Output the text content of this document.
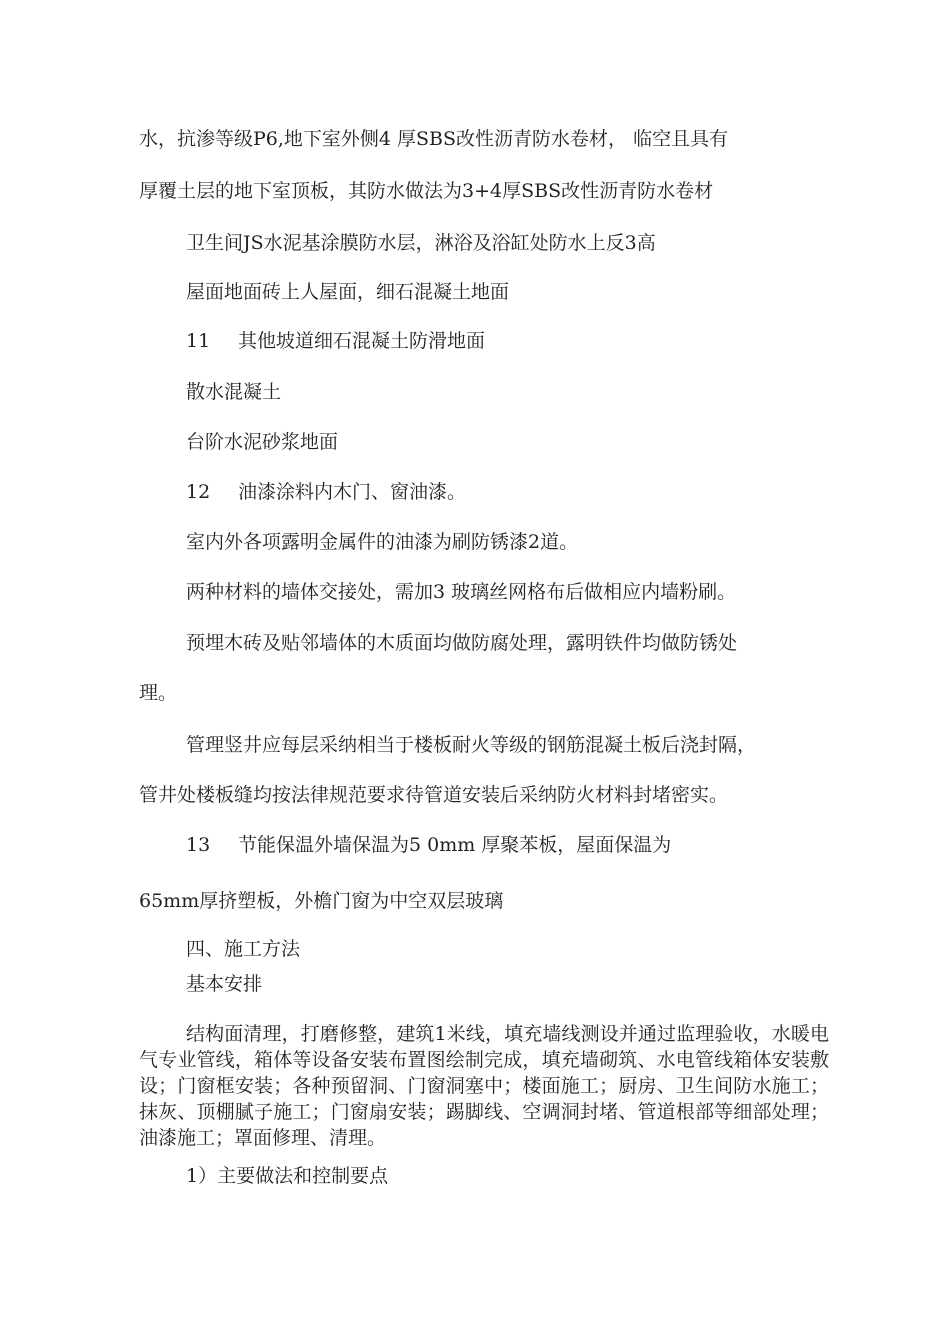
水，抗渗等级P6,地下室外侧4 厚SBS改性沥青防水卷材， 临空且具有
厚覆土层的地下室顶板，其防水做法为3+4厚SBS改性沥青防水卷材
卫生间JS水泥基涂膜防水层，淋浴及浴缸处防水上反3高
屋面地面砖上人屋面，细石混凝土地面
11 其他坡道细石混凝土防滑地面
散水混凝土
台阶水泥砂浆地面
12 油漆涂料内木门、窗油漆。
室内外各项露明金属件的油漆为刷防锈漆2道。
两种材料的墙体交接处，需加3 玻璃丝网格布后做相应内墙粉刷。
预埋木砖及贴邻墙体的木质面均做防腐处理，露明铁件均做防锈处
理。
管理竖井应每层采纳相当于楼板耐火等级的钢筋混凝土板后浇封隔，
管井处楼板缝均按法律规范要求待管道安装后采纳防火材料封堵密实。
13 节能保温外墙保温为5 0mm 厚聚苯板，屋面保温为
65mm厚挤塑板，外檐门窗为中空双层玻璃
四、施工方法
基本安排
结构面清理，打磨修整，建筑1米线，填充墙线测设并通过监理验收，水暖电气专业管线，箱体等设备安装布置图绘制完成，填充墙砌筑、水电管线箱体安装敷设；门窗框安装；各种预留洞、门窗洞塞中；楼面施工；厨房、卫生间防水施工；抹灰、顶棚腻子施工；门窗扇安装；踢脚线、空调洞封堵、管道根部等细部处理；油漆施工；罩面修理、清理。
1）主要做法和控制要点
